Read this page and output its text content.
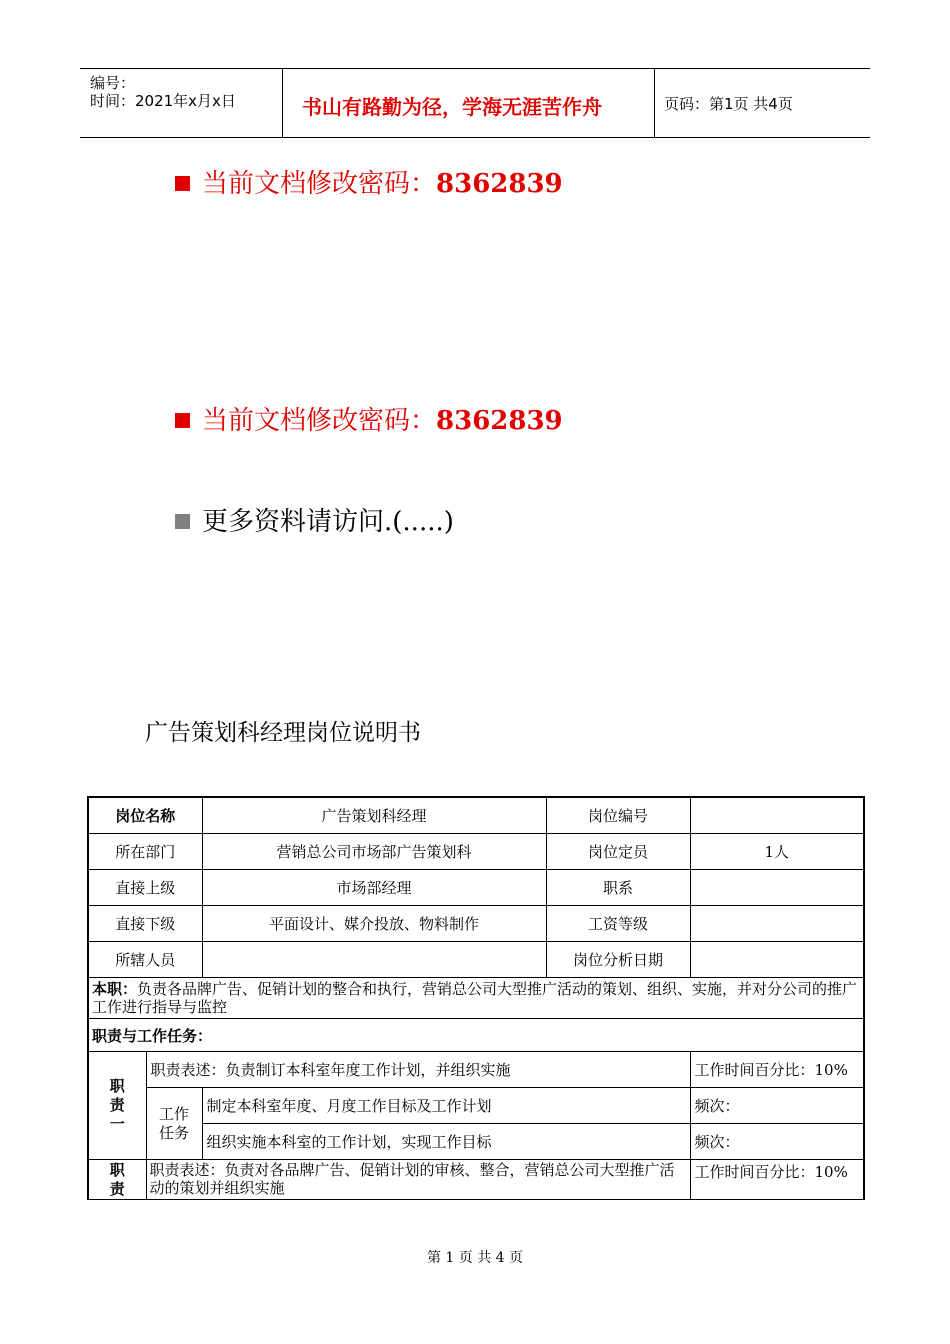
编号：
时间：2021年x月x日	书山有路勤为径，学海无涯苦作舟	页码：第1页 共4页
当前文档修改密码：8362839
当前文档修改密码：8362839
更多资料请访问.(.....)
广告策划科经理岗位说明书
岗位名称		广告策划科经理	岗位编号	
所在部门		营销总公司市场部广告策划科	岗位定员	1人
直接上级		市场部经理	职系	
直接下级		平面设计、媒介投放、物料制作	工资等级	
所辖人员			岗位分析日期	
本职：负责各品牌广告、促销计划的整合和执行，营销总公司大型推广活动的策划、组织、实施，并对分公司的推广工作进行指导与监控				
职责与工作任务：				

职
责
一	职责表述：负责制订本科室年度工作计划，并组织实施			工作时间百分比：10%
	工作任务	制定本科室年度、月度工作目标及工作计划		频次：
		组织实施本科室的工作计划，实现工作目标		频次：

职
责	职责表述：负责对各品牌广告、促销计划的审核、整合，营销总公司大型推广活动的策划并组织实施			工作时间百分比：10%
第 1 页 共 4 页
